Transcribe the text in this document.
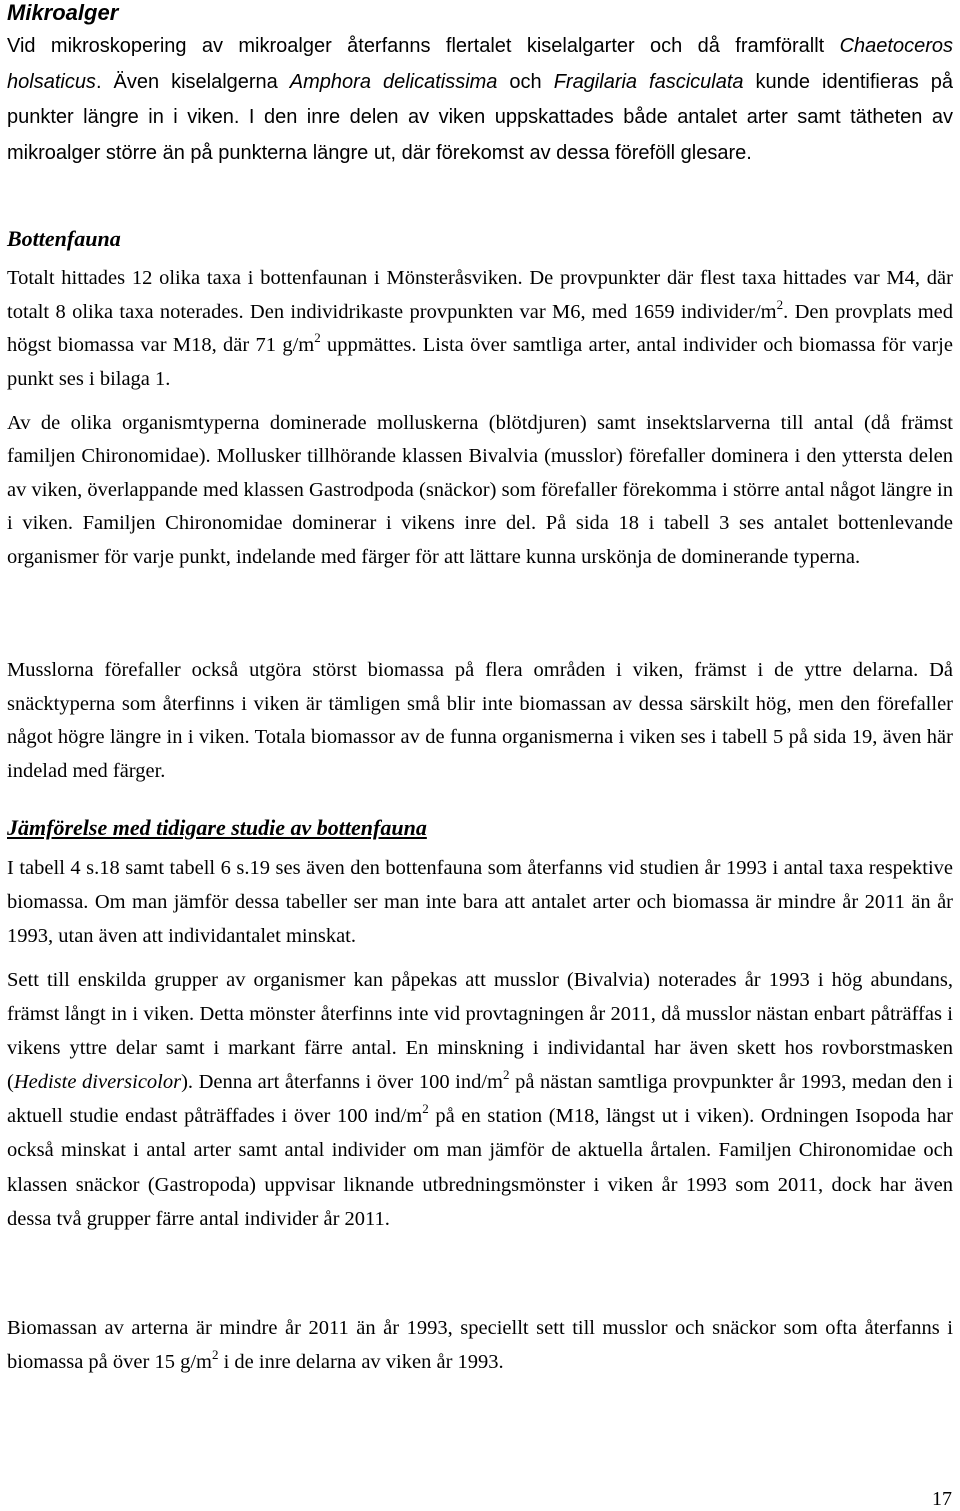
Mikroalger

Vid mikroskopering av mikroalger återfanns flertalet kiselalgarter och då framförallt Chaetoceros holsaticus. Även kiselalgerna Amphora delicatissima och Fragilaria fasciculata kunde identifieras på punkter längre in i viken. I den inre delen av viken uppskattades både antalet arter samt tätheten av mikroalger större än på punkterna längre ut, där förekomst av dessa föreföll glesare.

Bottenfauna

Totalt hittades 12 olika taxa i bottenfaunan i Mönsteråsviken. De provpunkter där flest taxa hittades var M4, där totalt 8 olika taxa noterades. Den individrikaste provpunkten var M6, med 1659 individer/$m^2$. Den provplats med högst biomassa var M18, där 71 $g/m^2$ uppmättes. Lista över samtliga arter, antal individer och biomassa för varje punkt ses i bilaga 1.

Av de olika organismtyperna dominerade molluskerna (blötdjuren) samt insektslarverna till antal (då främst familjen Chironomidae). Mollusker tillhörande klassen Bivalvia (musslor) förefaller dominera i den yttersta delen av viken, överlappande med klassen Gastrodpoda (snäckor) som förefaller förekomma i större antal något längre in i viken. Familjen Chironomidae dominerar i vikens inre del. På sida 18 i tabell 3 ses antalet bottenlevande organismer för varje punkt, indelande med färger för att lättare kunna urskönja de dominerande typerna.

Musslorna förefaller också utgöra störst biomassa på flera områden i viken, främst i de yttre delarna. Då snäcktyperna som återfinns i viken är tämligen små blir inte biomassan av dessa särskilt hög, men den förefaller något högre längre in i viken. Totala biomassor av de funna organismerna i viken ses i tabell 5 på sida 19, även här indelad med färger.

Jämförelse med tidigare studie av bottenfauna

I tabell 4 s.18 samt tabell 6 s.19 ses även den bottenfauna som återfanns vid studien år 1993 i antal taxa respektive biomassa. Om man jämför dessa tabeller ser man inte bara att antalet arter och biomassa är mindre år 2011 än år 1993, utan även att individantalet minskat.

Sett till enskilda grupper av organismer kan påpekas att musslor (Bivalvia) noterades år 1993 i hög abundans, främst långt in i viken. Detta mönster återfinns inte vid provtagningen år 2011, då musslor nästan enbart påträffas i vikens yttre delar samt i markant färre antal. En minskning i individantal har även skett hos rovborstmasken (Hediste diversicolor). Denna art återfanns i över 100 ind/$m^2$ på nästan samtliga provpunkter år 1993, medan den i aktuell studie endast påträffades i över 100 ind/$m^2$ på en station (M18, längst ut i viken). Ordningen Isopoda har också minskat i antal arter samt antal individer om man jämför de aktuella årtalen. Familjen Chironomidae och klassen snäckor (Gastropoda) uppvisar liknande utbredningsmönster i viken år 1993 som 2011, dock har även dessa två grupper färre antal individer år 2011.

Biomassan av arterna är mindre år 2011 än år 1993, speciellt sett till musslor och snäckor som ofta återfanns i biomassa på över 15 $g/m^2$ i de inre delarna av viken år 1993.

17
